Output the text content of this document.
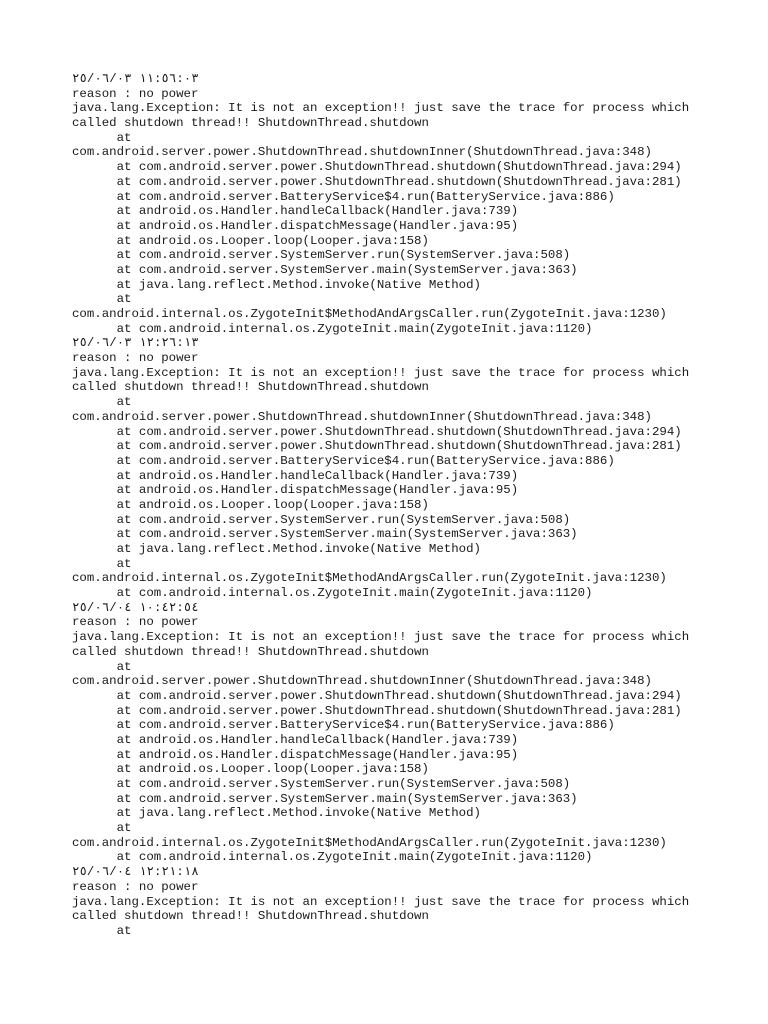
١١:٥٦:٠٣ ٢٥/٠٦/٠٣
reason : no power
java.lang.Exception: It is not an exception!! just save the trace for process which
called shutdown thread!! ShutdownThread.shutdown
at
com.android.server.power.ShutdownThread.shutdownInner(ShutdownThread.java:348)
at com.android.server.power.ShutdownThread.shutdown(ShutdownThread.java:294)
at com.android.server.power.ShutdownThread.shutdown(ShutdownThread.java:281)
at com.android.server.BatteryService$4.run(BatteryService.java:886)
at android.os.Handler.handleCallback(Handler.java:739)
at android.os.Handler.dispatchMessage(Handler.java:95)
at android.os.Looper.loop(Looper.java:158)
at com.android.server.SystemServer.run(SystemServer.java:508)
at com.android.server.SystemServer.main(SystemServer.java:363)
at java.lang.reflect.Method.invoke(Native Method)
at
com.android.internal.os.ZygoteInit$MethodAndArgsCaller.run(ZygoteInit.java:1230)
at com.android.internal.os.ZygoteInit.main(ZygoteInit.java:1120)
١٢:٢٦:١٣ ٢٥/٠٦/٠٣
reason : no power
java.lang.Exception: It is not an exception!! just save the trace for process which
called shutdown thread!! ShutdownThread.shutdown
at
com.android.server.power.ShutdownThread.shutdownInner(ShutdownThread.java:348)
at com.android.server.power.ShutdownThread.shutdown(ShutdownThread.java:294)
at com.android.server.power.ShutdownThread.shutdown(ShutdownThread.java:281)
at com.android.server.BatteryService$4.run(BatteryService.java:886)
at android.os.Handler.handleCallback(Handler.java:739)
at android.os.Handler.dispatchMessage(Handler.java:95)
at android.os.Looper.loop(Looper.java:158)
at com.android.server.SystemServer.run(SystemServer.java:508)
at com.android.server.SystemServer.main(SystemServer.java:363)
at java.lang.reflect.Method.invoke(Native Method)
at
com.android.internal.os.ZygoteInit$MethodAndArgsCaller.run(ZygoteInit.java:1230)
at com.android.internal.os.ZygoteInit.main(ZygoteInit.java:1120)
١٠:٤٢:٥٤ ٢٥/٠٦/٠٤
reason : no power
java.lang.Exception: It is not an exception!! just save the trace for process which
called shutdown thread!! ShutdownThread.shutdown
at
com.android.server.power.ShutdownThread.shutdownInner(ShutdownThread.java:348)
at com.android.server.power.ShutdownThread.shutdown(ShutdownThread.java:294)
at com.android.server.power.ShutdownThread.shutdown(ShutdownThread.java:281)
at com.android.server.BatteryService$4.run(BatteryService.java:886)
at android.os.Handler.handleCallback(Handler.java:739)
at android.os.Handler.dispatchMessage(Handler.java:95)
at android.os.Looper.loop(Looper.java:158)
at com.android.server.SystemServer.run(SystemServer.java:508)
at com.android.server.SystemServer.main(SystemServer.java:363)
at java.lang.reflect.Method.invoke(Native Method)
at
com.android.internal.os.ZygoteInit$MethodAndArgsCaller.run(ZygoteInit.java:1230)
at com.android.internal.os.ZygoteInit.main(ZygoteInit.java:1120)
١٢:٢١:١٨ ٢٥/٠٦/٠٤
reason : no power
java.lang.Exception: It is not an exception!! just save the trace for process which
called shutdown thread!! ShutdownThread.shutdown
at
